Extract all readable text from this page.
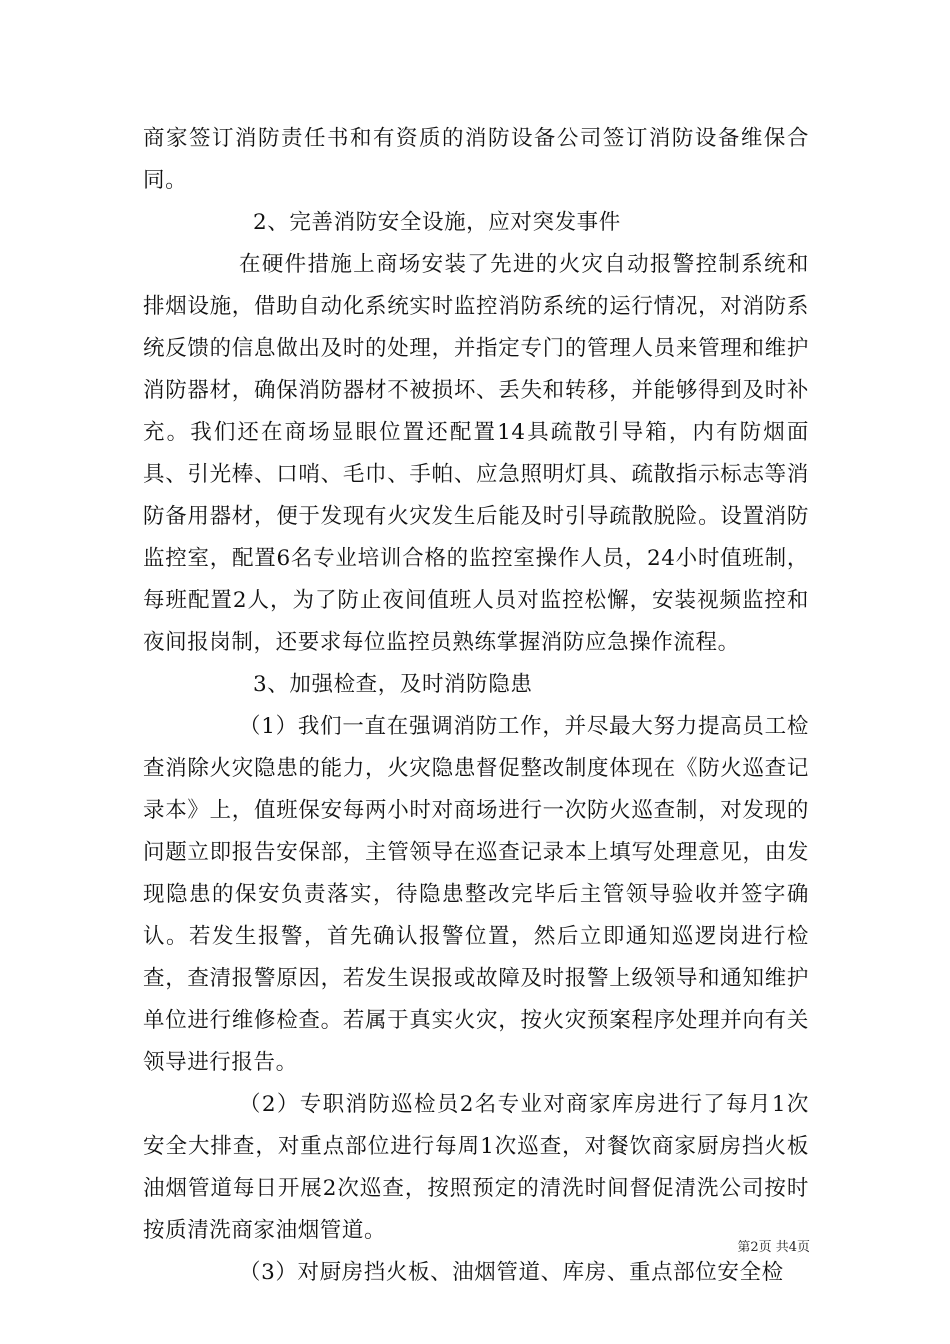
商家签订消防责任书和有资质的消防设备公司签订消防设备维保合同。

2、完善消防安全设施，应对突发事件

在硬件措施上商场安装了先进的火灾自动报警控制系统和排烟设施，借助自动化系统实时监控消防系统的运行情况，对消防系统反馈的信息做出及时的处理，并指定专门的管理人员来管理和维护消防器材，确保消防器材不被损坏、丢失和转移，并能够得到及时补充。我们还在商场显眼位置还配置14具疏散引导箱，内有防烟面具、引光棒、口哨、毛巾、手帕、应急照明灯具、疏散指示标志等消防备用器材，便于发现有火灾发生后能及时引导疏散脱险。设置消防监控室，配置6名专业培训合格的监控室操作人员，24小时值班制，每班配置2人，为了防止夜间值班人员对监控松懈，安装视频监控和夜间报岗制，还要求每位监控员熟练掌握消防应急操作流程。

3、加强检查，及时消防隐患

（1）我们一直在强调消防工作，并尽最大努力提高员工检查消除火灾隐患的能力，火灾隐患督促整改制度体现在《防火巡查记录本》上，值班保安每两小时对商场进行一次防火巡查制，对发现的问题立即报告安保部，主管领导在巡查记录本上填写处理意见，由发现隐患的保安负责落实，待隐患整改完毕后主管领导验收并签字确认。若发生报警，首先确认报警位置，然后立即通知巡逻岗进行检查，查清报警原因，若发生误报或故障及时报警上级领导和通知维护单位进行维修检查。若属于真实火灾，按火灾预案程序处理并向有关领导进行报告。

（2）专职消防巡检员2名专业对商家库房进行了每月1次安全大排查，对重点部位进行每周1次巡查，对餐饮商家厨房挡火板油烟管道每日开展2次巡查，按照预定的清洗时间督促清洗公司按时按质清洗商家油烟管道。

（3）对厨房挡火板、油烟管道、库房、重点部位安全检

第2页 共4页
